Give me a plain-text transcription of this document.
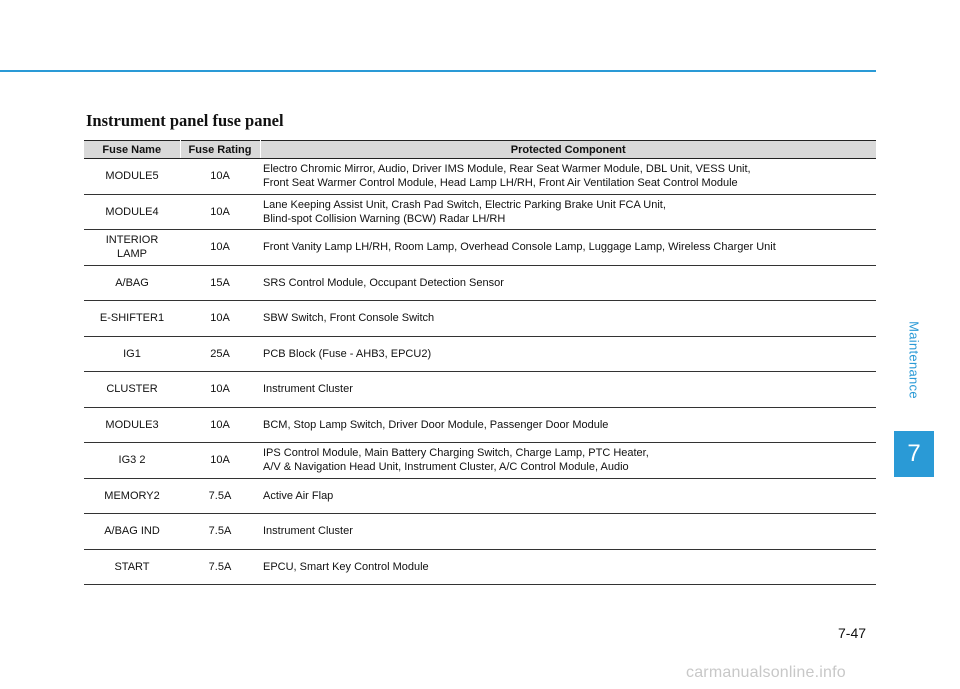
Instrument panel fuse panel
Fuse Name	Fuse Rating	Protected Component

MODULE5	10A	Electro Chromic Mirror, Audio, Driver IMS Module, Rear Seat Warmer Module, DBL Unit, VESS Unit,
Front Seat Warmer Control Module, Head Lamp LH/RH, Front Air Ventilation Seat Control Module

MODULE4	10A	Lane Keeping Assist Unit, Crash Pad Switch, Electric Parking Brake Unit FCA Unit,
Blind-spot Collision Warning (BCW) Radar LH/RH

INTERIOR
LAMP	10A	Front Vanity Lamp LH/RH, Room Lamp, Overhead Console Lamp, Luggage Lamp, Wireless Charger Unit

A/BAG	15A	SRS Control Module, Occupant Detection Sensor

E-SHIFTER1	10A	SBW Switch, Front Console Switch

IG1	25A	PCB Block (Fuse - AHB3, EPCU2)

CLUSTER	10A	Instrument Cluster

MODULE3	10A	BCM, Stop Lamp Switch, Driver Door Module, Passenger Door Module

IG3 2	10A	IPS Control Module, Main Battery Charging Switch, Charge Lamp, PTC Heater,
A/V & Navigation Head Unit, Instrument Cluster, A/C Control Module, Audio

MEMORY2	7.5A	Active Air Flap

A/BAG IND	7.5A	Instrument Cluster

START	7.5A	EPCU, Smart Key Control Module
Maintenance
7
7-47
carmanualsonline.info
